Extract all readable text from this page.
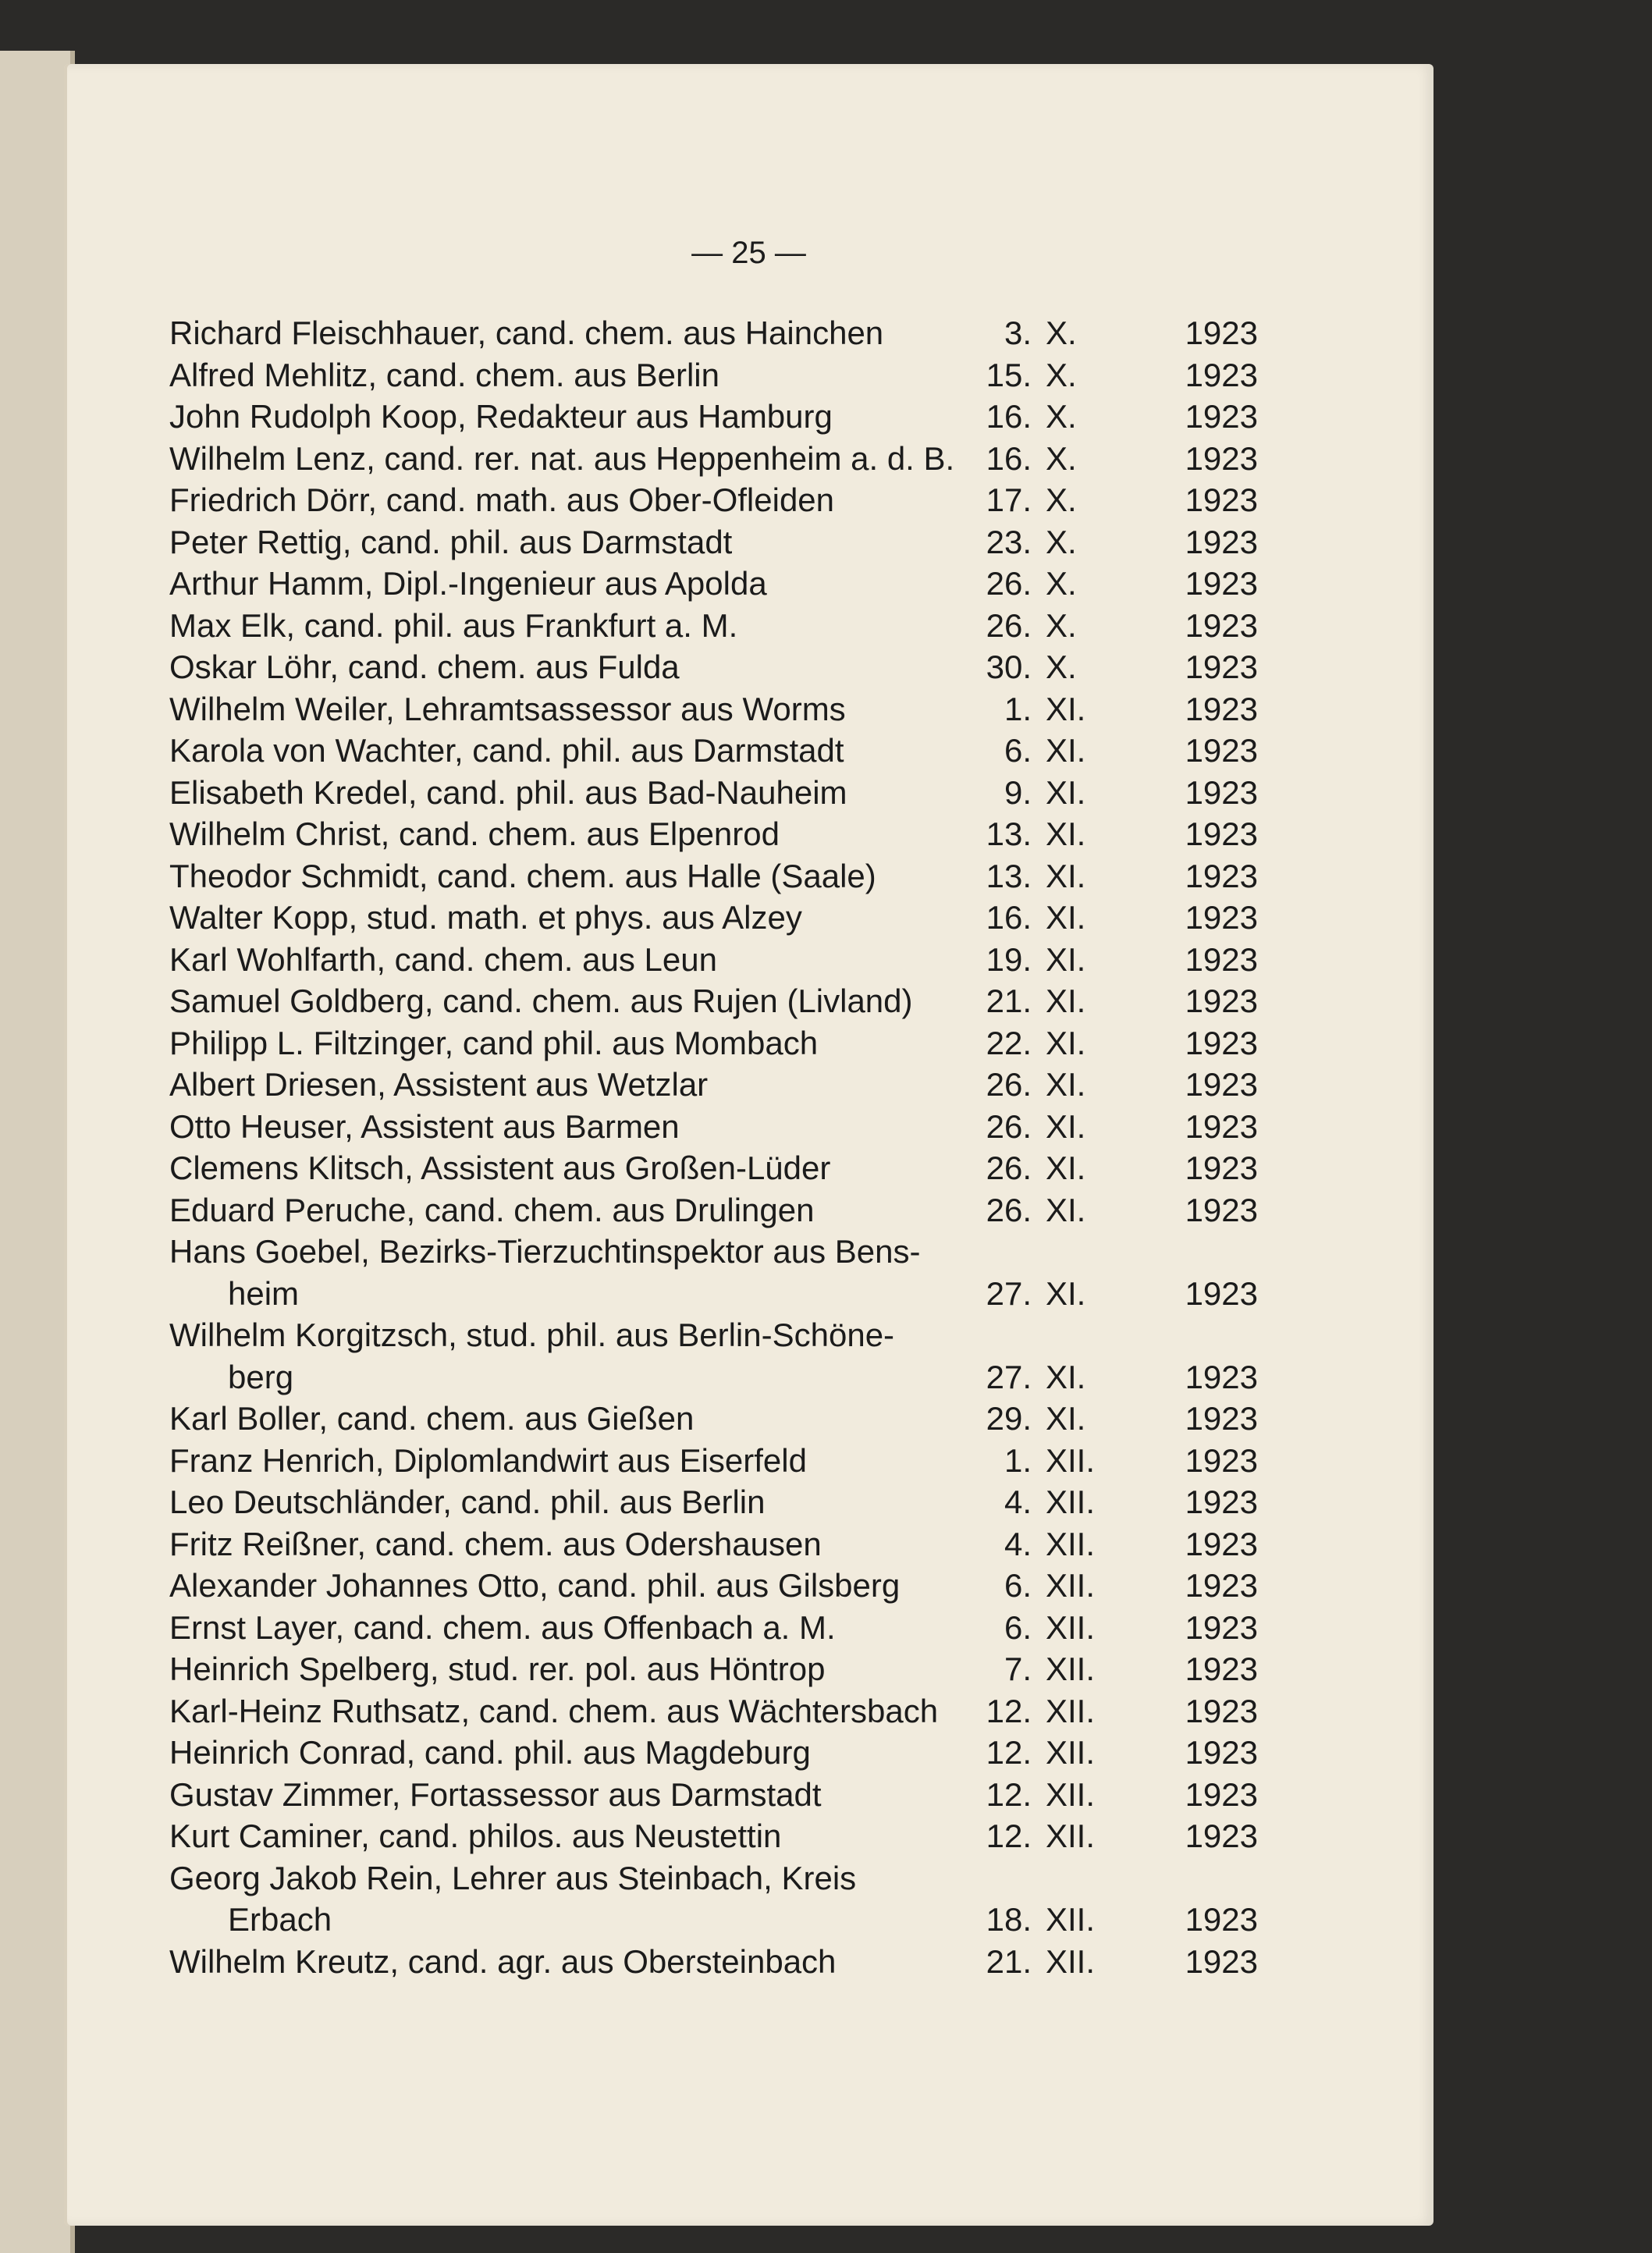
— 25 —
Richard Fleischhauer, cand. chem. aus Hainchen	3. X.	1923
Alfred Mehlitz, cand. chem. aus Berlin	15. X.	1923
John Rudolph Koop, Redakteur aus Hamburg	16. X.	1923
Wilhelm Lenz, cand. rer. nat. aus Heppenheim a. d. B. 16. X.	1923
Friedrich Dörr, cand. math. aus Ober-Ofleiden	17. X.	1923
Peter Rettig, cand. phil. aus Darmstadt	23. X.	1923
Arthur Hamm, Dipl.-Ingenieur aus Apolda	26. X.	1923
Max Elk, cand. phil. aus Frankfurt a. M.	26. X.	1923
Oskar Löhr, cand. chem. aus Fulda	30. X.	1923
Wilhelm Weiler, Lehramtsassessor aus Worms	1. XI.	1923
Karola von Wachter, cand. phil. aus Darmstadt	6. XI.	1923
Elisabeth Kredel, cand. phil. aus Bad-Nauheim	9. XI.	1923
Wilhelm Christ, cand. chem. aus Elpenrod	13. XI.	1923
Theodor Schmidt, cand. chem. aus Halle (Saale)	13. XI.	1923
Walter Kopp, stud. math. et phys. aus Alzey	16. XI.	1923
Karl Wohlfarth, cand. chem. aus Leun	19. XI.	1923
Samuel Goldberg, cand. chem. aus Rujen (Livland)	21. XI.	1923
Philipp L. Filtzinger, cand phil. aus Mombach	22. XI.	1923
Albert Driesen, Assistent aus Wetzlar	26. XI.	1923
Otto Heuser, Assistent aus Barmen	26. XI.	1923
Clemens Klitsch, Assistent aus Großen-Lüder	26. XI.	1923
Eduard Peruche, cand. chem. aus Drulingen	26. XI.	1923
Hans Goebel, Bezirks-Tierzuchtinspektor aus Bens-
heim	27. XI.	1923
Wilhelm Korgitzsch, stud. phil. aus Berlin-Schöne-
berg	27. XI.	1923
Karl Boller, cand. chem. aus Gießen	29. XI.	1923
Franz Henrich, Diplomlandwirt aus Eiserfeld	1. XII.	1923
Leo Deutschländer, cand. phil. aus Berlin	4. XII.	1923
Fritz Reißner, cand. chem. aus Odershausen	4. XII.	1923
Alexander Johannes Otto, cand. phil. aus Gilsberg	6. XII.	1923
Ernst Layer, cand. chem. aus Offenbach a. M.	6. XII.	1923
Heinrich Spelberg, stud. rer. pol. aus Höntrop	7. XII.	1923
Karl-Heinz Ruthsatz, cand. chem. aus Wächtersbach	12. XII.	1923
Heinrich Conrad, cand. phil. aus Magdeburg	12. XII.	1923
Gustav Zimmer, Fortassessor aus Darmstadt	12. XII.	1923
Kurt Caminer, cand. philos. aus Neustettin	12. XII.	1923
Georg Jakob Rein, Lehrer aus Steinbach, Kreis
Erbach	18. XII.	1923
Wilhelm Kreutz, cand. agr. aus Obersteinbach	21. XII.	1923
